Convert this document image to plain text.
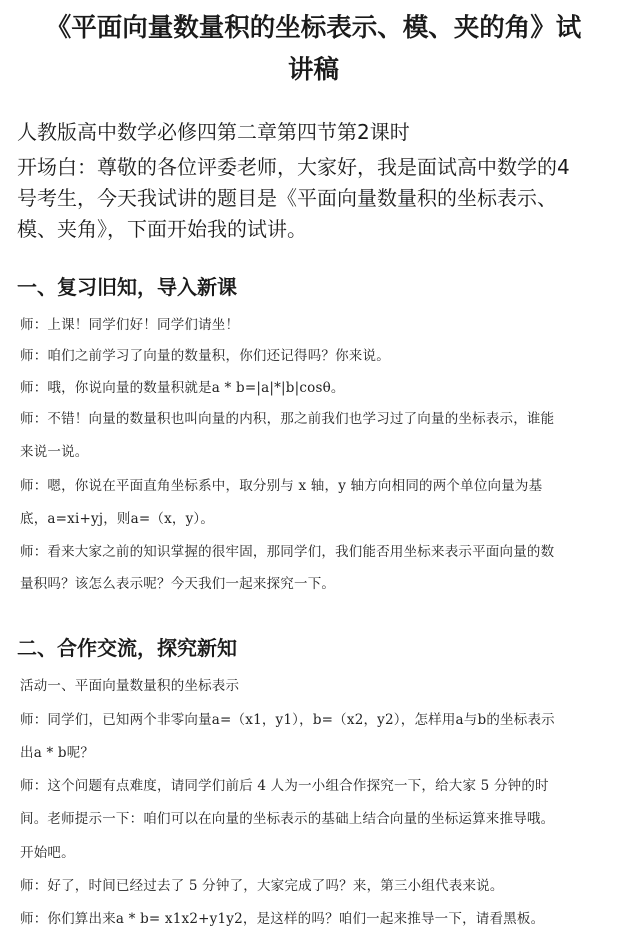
《平面向量数量积的坐标表示、模、夹的角》试
讲稿
人教版高中数学必修四第二章第四节第2课时
开场白：尊敬的各位评委老师，大家好，我是面试高中数学的4
号考生，今天我试讲的题目是《平面向量数量积的坐标表示、
模、夹角》，下面开始我的试讲。
一、复习旧知，导入新课
师：上课！同学们好！同学们请坐！
师：咱们之前学习了向量的数量积，你们还记得吗？你来说。
师：哦，你说向量的数量积就是a * b=|a|*|b|cosθ。
师：不错！向量的数量积也叫向量的内积，那之前我们也学习过了向量的坐标表示，谁能
来说一说。
师：嗯，你说在平面直角坐标系中，取分别与 x 轴，y 轴方向相同的两个单位向量为基
底，a=xi+yj，则a=（x，y）。
师：看来大家之前的知识掌握的很牢固，那同学们，我们能否用坐标来表示平面向量的数
量积吗？该怎么表示呢？今天我们一起来探究一下。
二、合作交流，探究新知
活动一、平面向量数量积的坐标表示
师：同学们，已知两个非零向量a=（x1，y1），b=（x2，y2），怎样用a与b的坐标表示
出a * b呢？
师：这个问题有点难度，请同学们前后 4 人为一小组合作探究一下，给大家 5 分钟的时
间。老师提示一下：咱们可以在向量的坐标表示的基础上结合向量的坐标运算来推导哦。
开始吧。
师：好了，时间已经过去了 5 分钟了，大家完成了吗？来，第三小组代表来说。
师：你们算出来a * b= x1x2+y1y2，是这样的吗？咱们一起来推导一下，请看黑板。
